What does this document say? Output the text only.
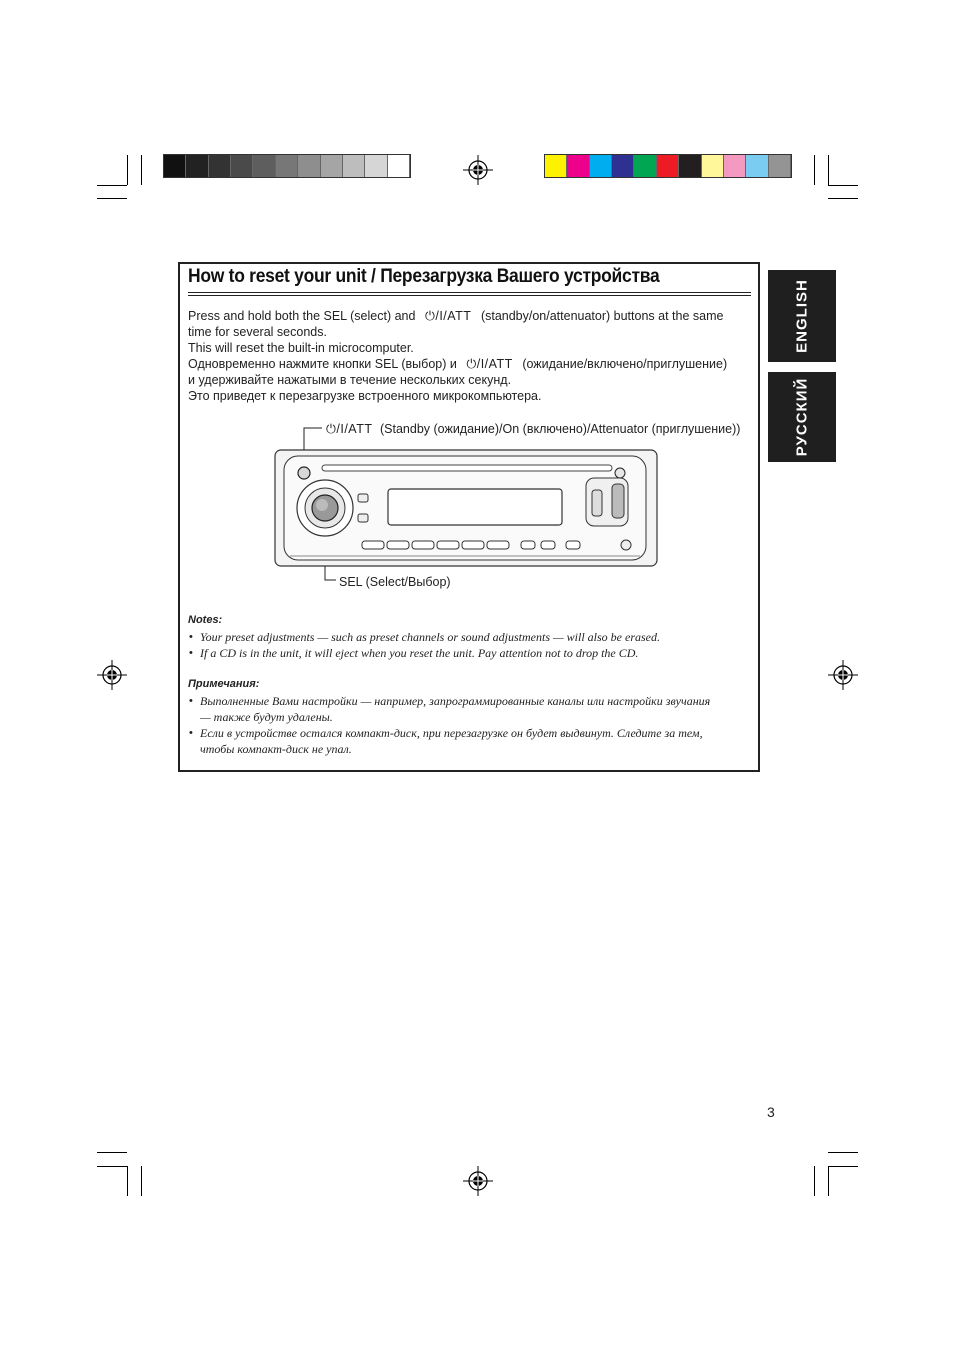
ENGLISH
РУССКИЙ
How to reset your unit / Перезагрузка Вашего устройства
Press and hold both the SEL (select) and ⏻/I/ATT (standby/on/attenuator) buttons at the same
time for several seconds.
This will reset the built-in microcomputer.
Одновременно нажмите кнопки SEL (выбор) и ⏻/I/ATT (ожидание/включено/приглушение)
и удерживайте нажатыми в течение нескольких секунд.
Это приведет к перезагрузке встроенного микрокомпьютера.
⏻/I/ATT (Standby (ожидание)/On (включено)/Attenuator (приглушение))
SEL (Select/Выбор)
Notes:
• Your preset adjustments — such as preset channels or sound adjustments — will also be erased.
• If a CD is in the unit, it will eject when you reset the unit. Pay attention not to drop the CD.
Примечания:
• Выполненные Вами настройки — например, запрограммированные каналы или настройки звучания
— также будут удалены.
• Если в устройстве остался компакт-диск, при перезагрузке он будет выдвинут. Следите за тем,
чтобы компакт-диск не упал.
3
